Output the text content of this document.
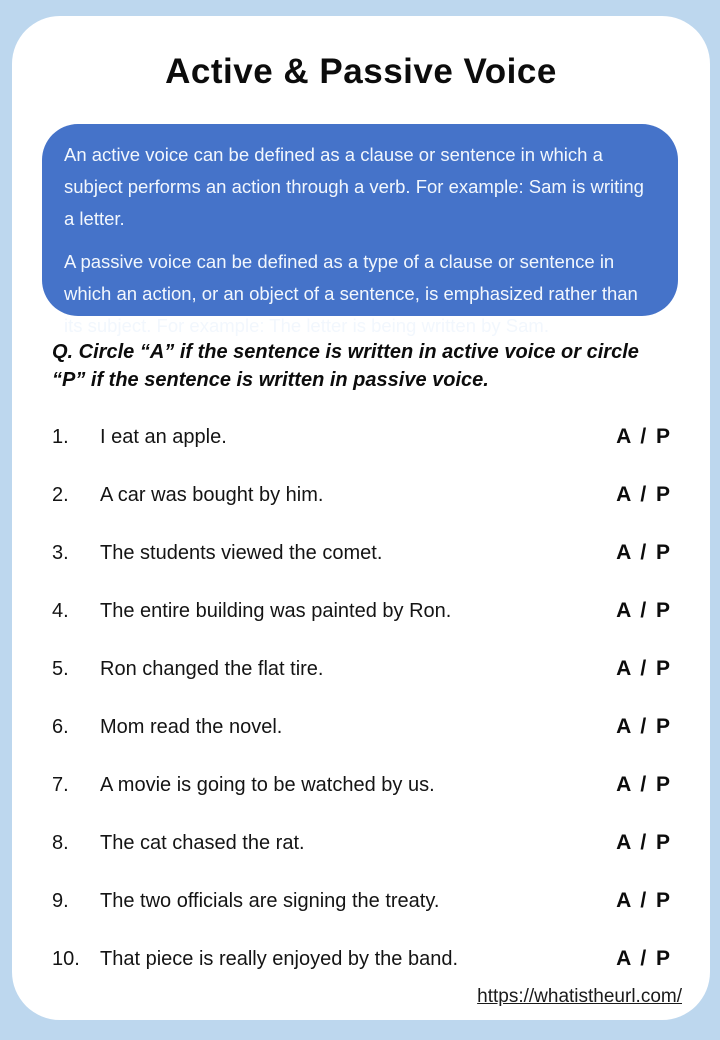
Active & Passive Voice

An active voice can be defined as a clause or sentence in which a subject performs an action through a verb. For example: Sam is writing a letter.

A passive voice can be defined as a type of a clause or sentence in which an action, or an object of a sentence, is emphasized rather than its subject. For example: The letter is being written by Sam.

Q. Circle “A” if the sentence is written in active voice or circle “P” if the sentence is written in passive voice.

1.	I eat an apple.	A / P
2.	A car was bought by him.	A / P
3.	The students viewed the comet.	A / P
4.	The entire building was painted by Ron.	A / P
5.	Ron changed the flat tire.	A / P
6.	Mom read the novel.	A / P
7.	A movie is going to be watched by us.	A / P
8.	The cat chased the rat.	A / P
9.	The two officials are signing the treaty.	A / P
10.	That piece is really enjoyed by the band.	A / P
https://whatistheurl.com/
